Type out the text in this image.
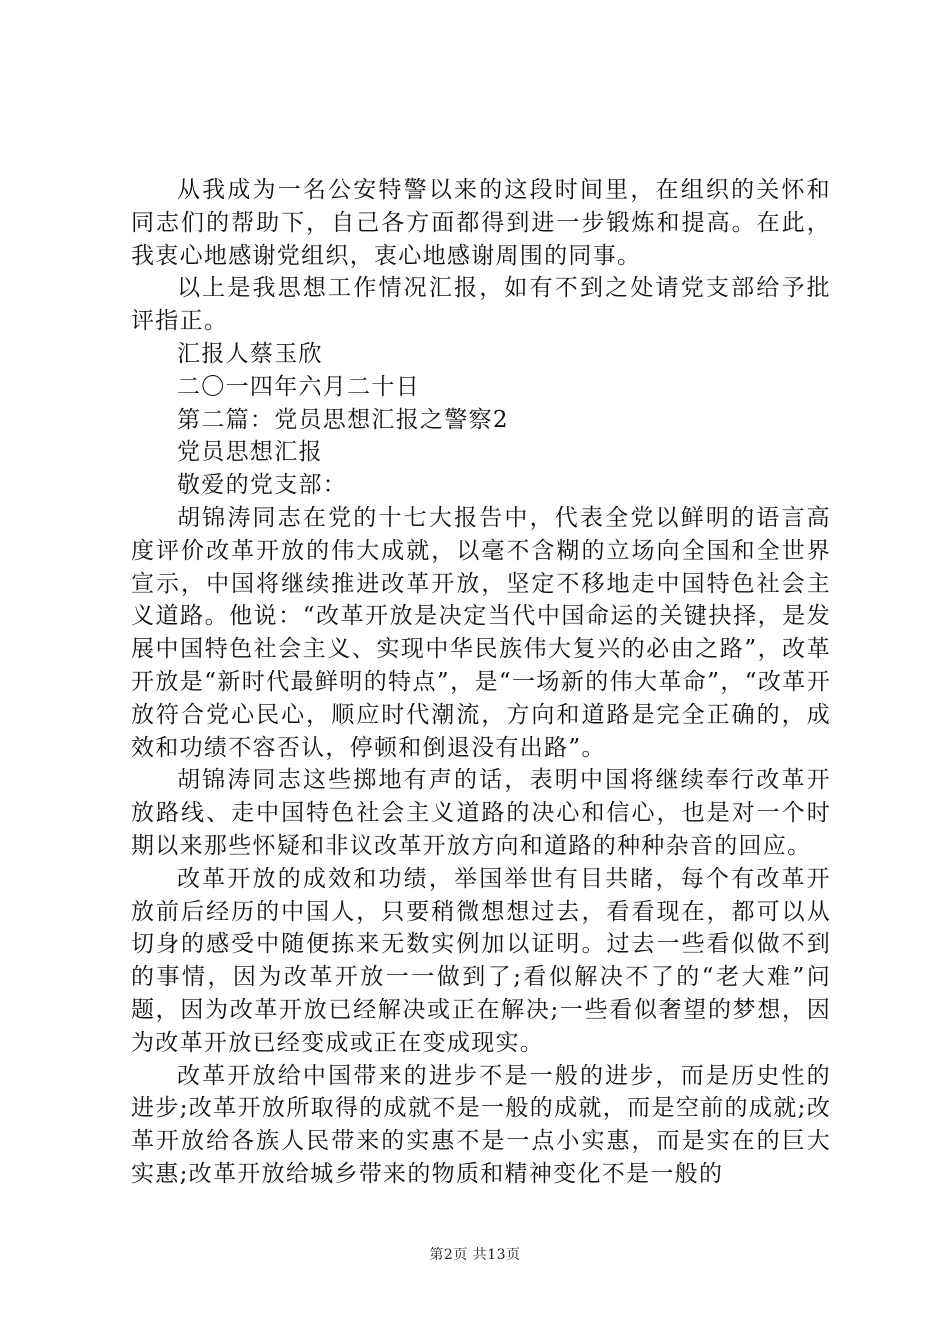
从我成为一名公安特警以来的这段时间里，在组织的关怀和同志们的帮助下，自己各方面都得到进一步锻炼和提高。在此，我衷心地感谢党组织，衷心地感谢周围的同事。

以上是我思想工作情况汇报，如有不到之处请党支部给予批评指正。

汇报人蔡玉欣

二〇一四年六月二十日

第二篇：党员思想汇报之警察2

党员思想汇报

敬爱的党支部：

胡锦涛同志在党的十七大报告中，代表全党以鲜明的语言高度评价改革开放的伟大成就，以毫不含糊的立场向全国和全世界宣示，中国将继续推进改革开放，坚定不移地走中国特色社会主义道路。他说：“改革开放是决定当代中国命运的关键抉择，是发展中国特色社会主义、实现中华民族伟大复兴的必由之路”，改革开放是“新时代最鲜明的特点”，是“一场新的伟大革命”，“改革开放符合党心民心，顺应时代潮流，方向和道路是完全正确的，成效和功绩不容否认，停顿和倒退没有出路”。

胡锦涛同志这些掷地有声的话，表明中国将继续奉行改革开放路线、走中国特色社会主义道路的决心和信心，也是对一个时期以来那些怀疑和非议改革开放方向和道路的种种杂音的回应。

改革开放的成效和功绩，举国举世有目共睹，每个有改革开放前后经历的中国人，只要稍微想想过去，看看现在，都可以从切身的感受中随便拣来无数实例加以证明。过去一些看似做不到的事情，因为改革开放一一做到了;看似解决不了的“老大难”问题，因为改革开放已经解决或正在解决;一些看似奢望的梦想，因为改革开放已经变成或正在变成现实。

改革开放给中国带来的进步不是一般的进步，而是历史性的进步;改革开放所取得的成就不是一般的成就，而是空前的成就;改革开放给各族人民带来的实惠不是一点小实惠，而是实在的巨大实惠;改革开放给城乡带来的物质和精神变化不是一般的

第2页 共13页
